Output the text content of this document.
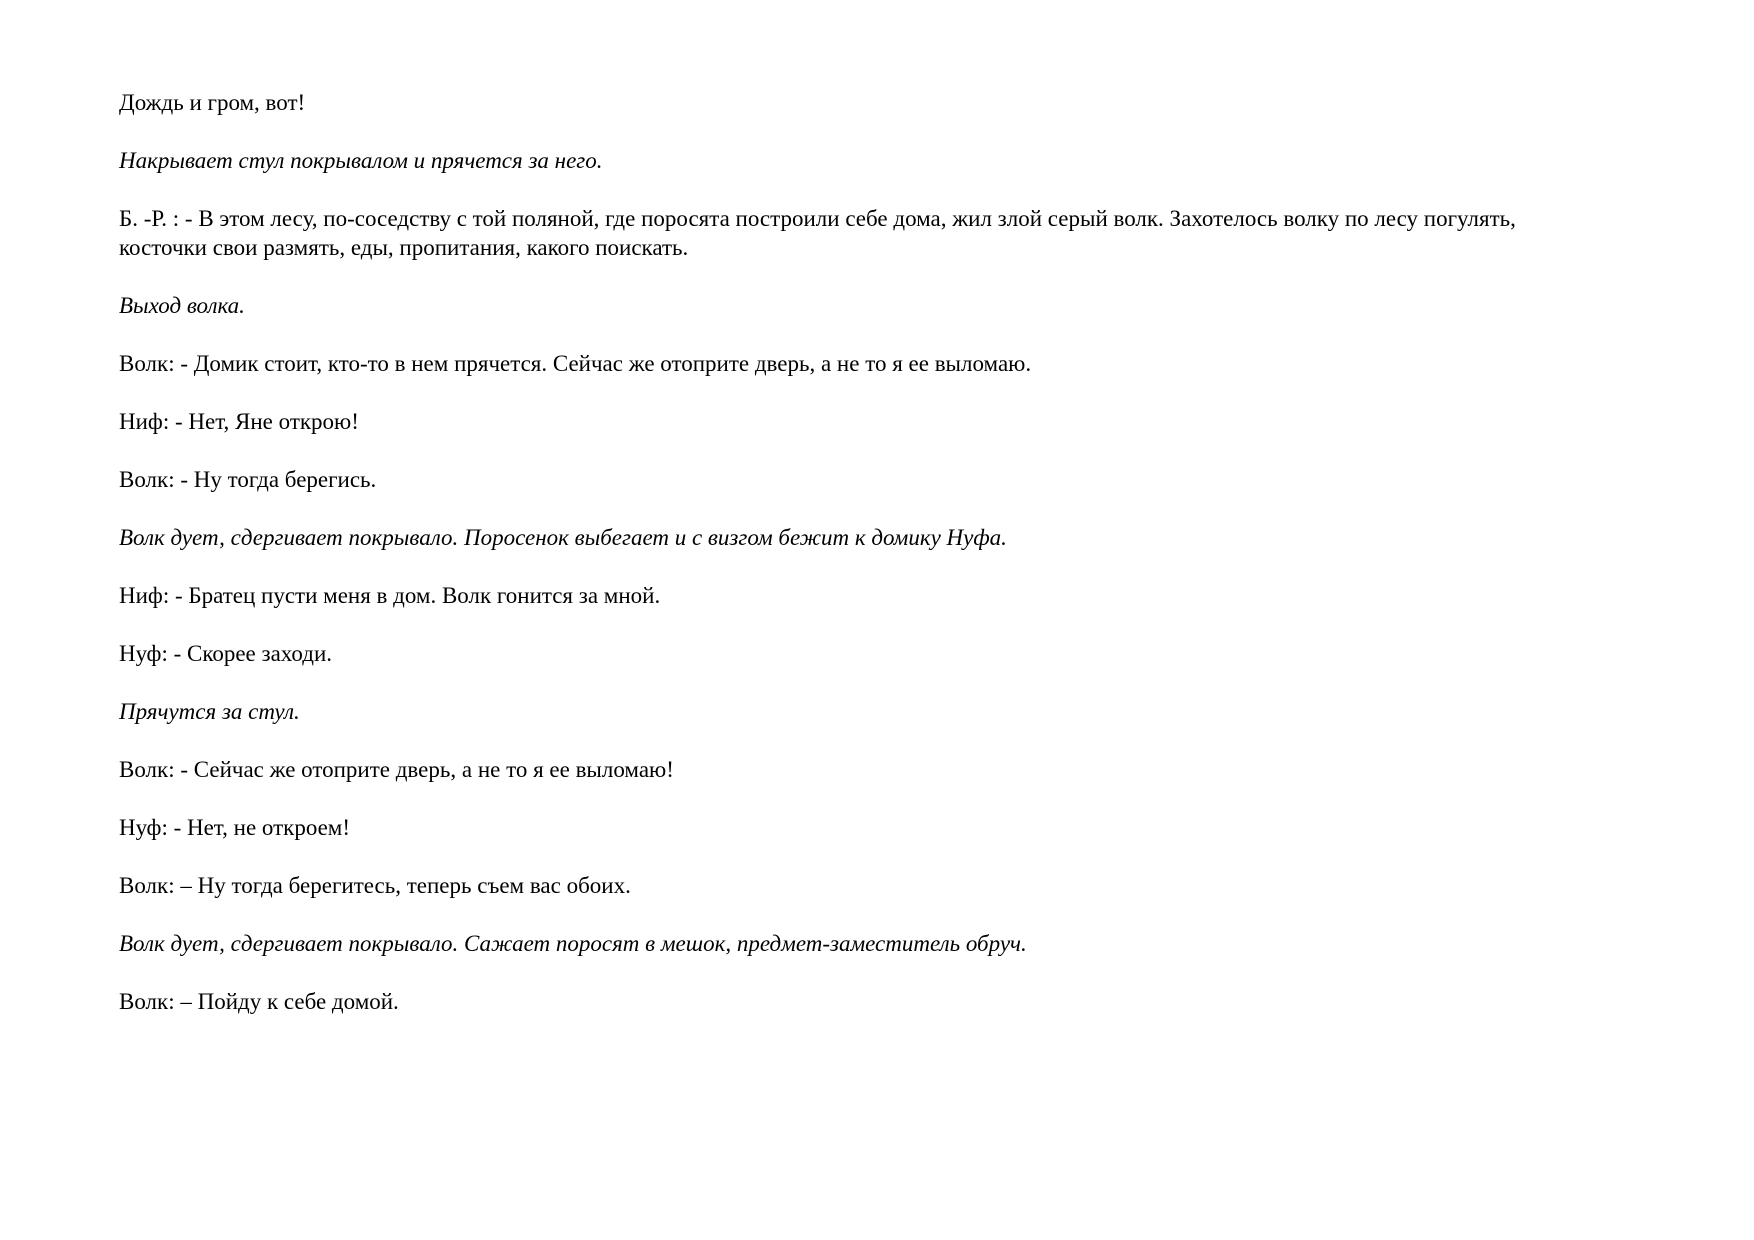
Дождь и гром, вот!

Накрывает стул покрывалом и прячется за него.

Б. -Р. : - В этом лесу, по-соседству с той поляной, где поросята построили себе дома, жил злой серый волк. Захотелось волку по лесу погулять, косточки свои размять, еды, пропитания, какого поискать.

Выход волка.

Волк: - Домик стоит, кто-то в нем прячется. Сейчас же отоприте дверь, а не то я ее выломаю.

Ниф: - Нет, Яне открою!

Волк: - Ну тогда берегись.

Волк дует, сдергивает покрывало. Поросенок выбегает и с визгом бежит к домику Нуфа.

Ниф: - Братец пусти меня в дом. Волк гонится за мной.

Нуф: - Скорее заходи.

Прячутся за стул.

Волк: - Сейчас же отоприте дверь, а не то я ее выломаю!

Нуф: - Нет, не откроем!

Волк: – Ну тогда берегитесь, теперь съем вас обоих.

Волк дует, сдергивает покрывало. Сажает поросят в мешок, предмет-заместитель обруч.

Волк: – Пойду к себе домой.
